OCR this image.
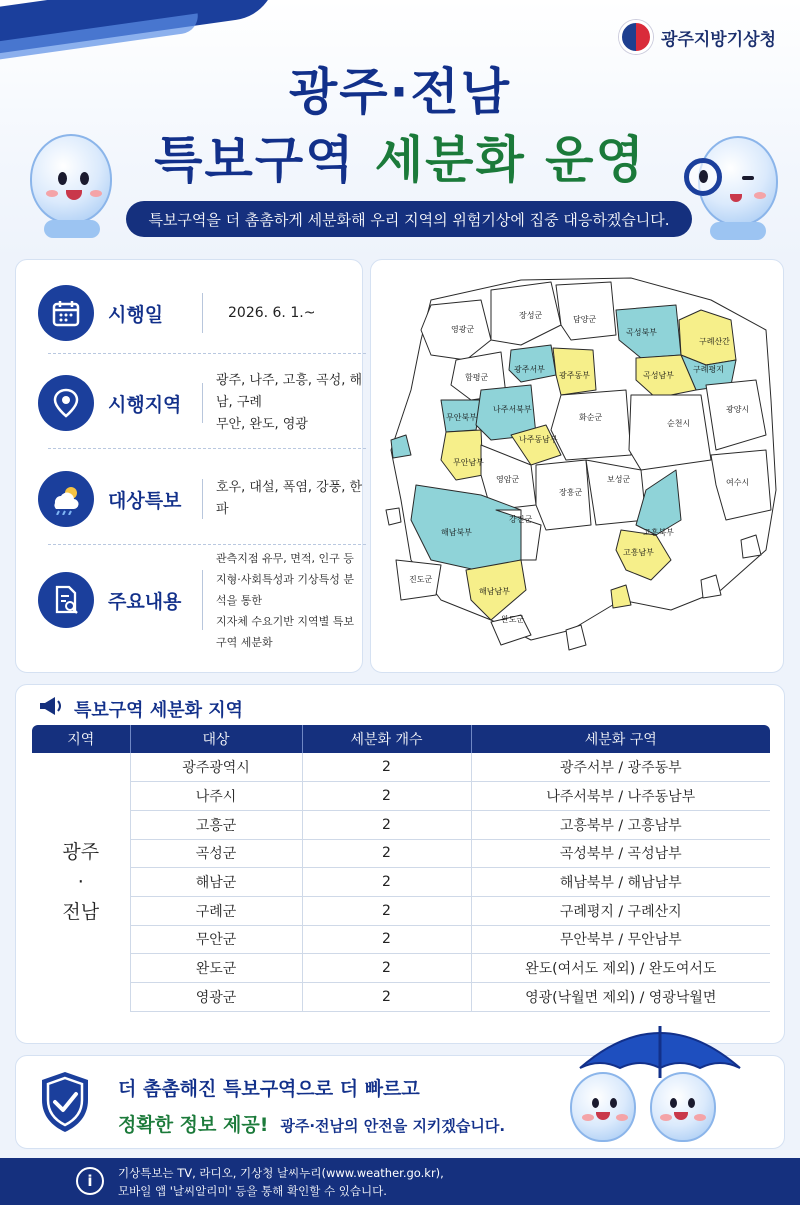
광주지방기상청
광주·전남
특보구역 세분화 운영
특보구역을 더 촘촘하게 세분화해 우리 지역의 위험기상에 집중 대응하겠습니다.
시행일	2026. 6. 1.~
시행지역
광주, 나주, 고흥, 곡성, 해남, 구례
무안, 완도, 영광
대상특보
호우, 대설, 폭염, 강풍, 한파
주요내용
관측지점 유무, 면적, 인구 등
지형·사회특성과 기상특성 분석을 통한
지자체 수요기반 지역별 특보구역 세분화
영광군
장성군	담양군
곡성북부
구례산간
함평군
광주서부
광주동부	곡성남부
구례평지
무안북부
나주서북부
화순군
순천시
광양시
나주동남부
무안남부
영암군
강진군
장흥군
보성군	여수시
해남북부	고흥북부
고흥남부
진도군
해남남부
완도군
특보구역 세분화 지역
지역	대상	세분화 개수	세분화 구역

광주
·
전남	광주광역시	2	광주서부 / 광주동부
	나주시	2	나주서북부 / 나주동남부
	고흥군	2	고흥북부 / 고흥남부
	곡성군	2	곡성북부 / 곡성남부
	해남군	2	해남북부 / 해남남부
	구례군	2	구례평지 / 구례산지
	무안군	2	무안북부 / 무안남부
	완도군	2	완도(여서도 제외) / 완도여서도
	영광군	2	영광(낙월면 제외) / 영광낙월면
더 촘촘해진 특보구역으로 더 빠르고
정확한 정보 제공! 광주·전남의 안전을 지키겠습니다.
i	기상특보는 TV, 라디오, 기상청 날씨누리(www.weather.go.kr),
모바일 앱 '날씨알리미' 등을 통해 확인할 수 있습니다.
